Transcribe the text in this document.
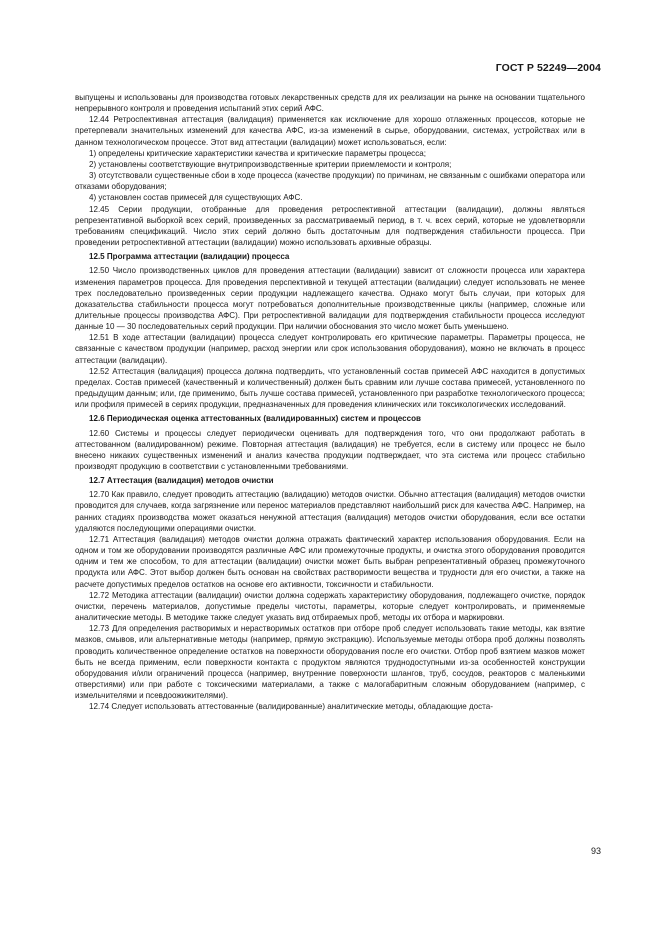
ГОСТ Р 52249—2004

выпущены и использованы для производства готовых лекарственных средств для их реализации на рынке на основании тщательного непрерывного контроля и проведения испытаний этих серий АФС.

12.44 Ретроспективная аттестация (валидация) применяется как исключение для хорошо отлаженных процессов, которые не претерпевали значительных изменений для качества АФС, из-за изменений в сырье, оборудовании, системах, устройствах или в данном технологическом процессе. Этот вид аттестации (валидации) может использоваться, если:

1) определены критические характеристики качества и критические параметры процесса;

2) установлены соответствующие внутрипроизводственные критерии приемлемости и контроля;

3) отсутствовали существенные сбои в ходе процесса (качестве продукции) по причинам, не связанным с ошибками оператора или отказами оборудования;

4) установлен состав примесей для существующих АФС.

12.45 Серии продукции, отобранные для проведения ретроспективной аттестации (валидации), должны являться репрезентативной выборкой всех серий, произведенных за рассматриваемый период, в т. ч. всех серий, которые не удовлетворяли требованиям спецификаций. Число этих серий должно быть достаточным для подтверждения стабильности процесса. При проведении ретроспективной аттестации (валидации) можно использовать архивные образцы.

12.5 Программа аттестации (валидации) процесса

12.50 Число производственных циклов для проведения аттестации (валидации) зависит от сложности процесса или характера изменения параметров процесса. Для проведения перспективной и текущей аттестации (валидации) следует использовать не менее трех последовательно произведенных серии продукции надлежащего качества. Однако могут быть случаи, при которых для доказательства стабильности процесса могут потребоваться дополнительные производственные циклы (например, сложные или длительные процессы производства АФС). При ретроспективной валидации для подтверждения стабильности процесса исследуют данные 10 — 30 последовательных серий продукции. При наличии обоснования это число может быть уменьшено.

12.51 В ходе аттестации (валидации) процесса следует контролировать его критические параметры. Параметры процесса, не связанные с качеством продукции (например, расход энергии или срок использования оборудования), можно не включать в процесс аттестации (валидации).

12.52 Аттестация (валидация) процесса должна подтвердить, что установленный состав примесей АФС находится в допустимых пределах. Состав примесей (качественный и количественный) должен быть сравним или лучше состава примесей, установленного по предыдущим данным; или, где применимо, быть лучше состава примесей, установленного при разработке технологического процесса; или профиля примесей в сериях продукции, предназначенных для проведения клинических или токсикологических исследований.

12.6 Периодическая оценка аттестованных (валидированных) систем и процессов

12.60 Системы и процессы следует периодически оценивать для подтверждения того, что они продолжают работать в аттестованном (валидированном) режиме. Повторная аттестация (валидация) не требуется, если в систему или процесс не было внесено никаких существенных изменений и анализ качества продукции подтверждает, что эта система или процесс стабильно производят продукцию в соответствии с установленными требованиями.

12.7 Аттестация (валидация) методов очистки

12.70 Как правило, следует проводить аттестацию (валидацию) методов очистки. Обычно аттестация (валидация) методов очистки проводится для случаев, когда загрязнение или перенос материалов представляют наибольший риск для качества АФС. Например, на ранних стадиях производства может оказаться ненужной аттестация (валидация) методов очистки оборудования, если все остатки удаляются последующими операциями очистки.

12.71 Аттестация (валидация) методов очистки должна отражать фактический характер использования оборудования. Если на одном и том же оборудовании производятся различные АФС или промежуточные продукты, и очистка этого оборудования проводится одним и тем же способом, то для аттестации (валидации) очистки может быть выбран репрезентативный образец промежуточного продукта или АФС. Этот выбор должен быть основан на свойствах растворимости вещества и трудности для его очистки, а также на расчете допустимых пределов остатков на основе его активности, токсичности и стабильности.

12.72 Методика аттестации (валидации) очистки должна содержать характеристику оборудования, подлежащего очистке, порядок очистки, перечень материалов, допустимые пределы чистоты, параметры, которые следует контролировать, и применяемые аналитические методы. В методике также следует указать вид отбираемых проб, методы их отбора и маркировки.

12.73 Для определения растворимых и нерастворимых остатков при отборе проб следует использовать такие методы, как взятие мазков, смывов, или альтернативные методы (например, прямую экстракцию). Используемые методы отбора проб должны позволять проводить количественное определение остатков на поверхности оборудования после его очистки. Отбор проб взятием мазков может быть не всегда применим, если поверхности контакта с продуктом являются труднодоступными из-за особенностей конструкции оборудования и/или ограничений процесса (например, внутренние поверхности шлангов, труб, сосудов, реакторов с маленькими отверстиями) или при работе с токсическими материалами, а также с малогабаритным сложным оборудованием (например, с измельчителями и псевдоожижителями).

12.74 Следует использовать аттестованные (валидированные) аналитические методы, обладающие доста-

93
